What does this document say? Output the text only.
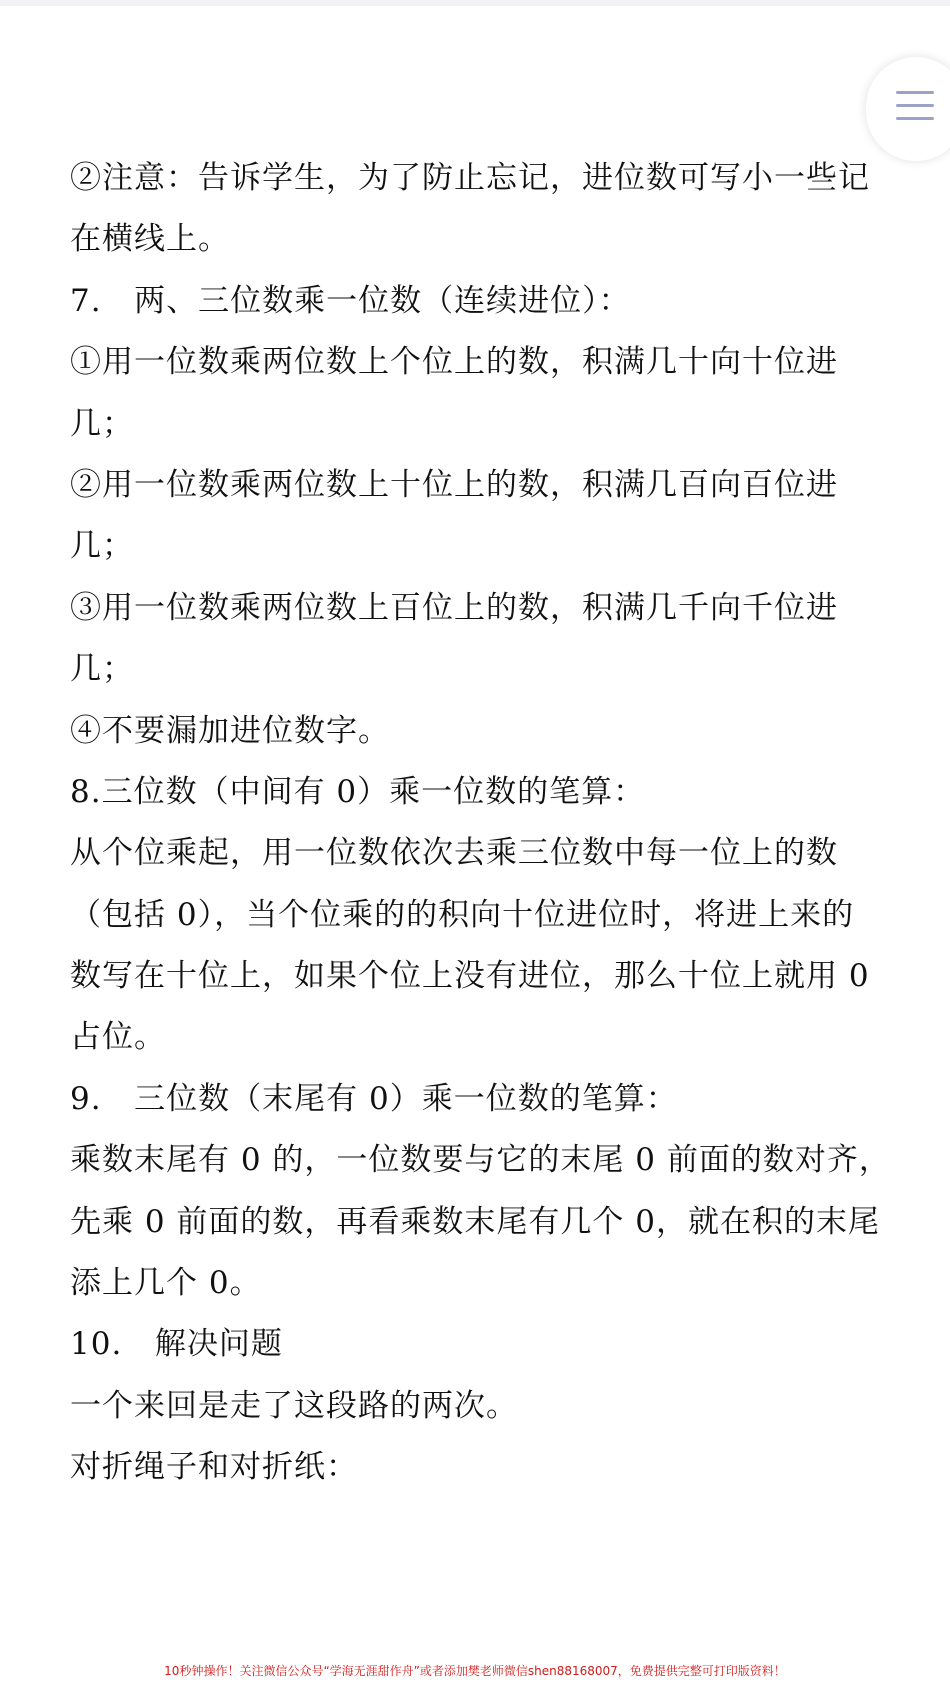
②注意：告诉学生，为了防止忘记，进位数可写小一些记
在横线上。
7.   两、三位数乘一位数（连续进位）：
①用一位数乘两位数上个位上的数，积满几十向十位进
几；
②用一位数乘两位数上十位上的数，积满几百向百位进
几；
③用一位数乘两位数上百位上的数，积满几千向千位进
几；
④不要漏加进位数字。
8.三位数（中间有 0）乘一位数的笔算：
从个位乘起，用一位数依次去乘三位数中每一位上的数
（包括 0），当个位乘的的积向十位进位时，将进上来的
数写在十位上，如果个位上没有进位，那么十位上就用 0
占位。
9.   三位数（末尾有 0）乘一位数的笔算：
乘数末尾有 0 的，一位数要与它的末尾 0 前面的数对齐，
先乘 0 前面的数，再看乘数末尾有几个 0，就在积的末尾
添上几个 0。
10.   解决问题
一个来回是走了这段路的两次。
对折绳子和对折纸：
10秒钟操作！关注微信公众号“学海无涯甜作舟”或者添加樊老师微信shen88168007，免费提供完整可打印版资料！
